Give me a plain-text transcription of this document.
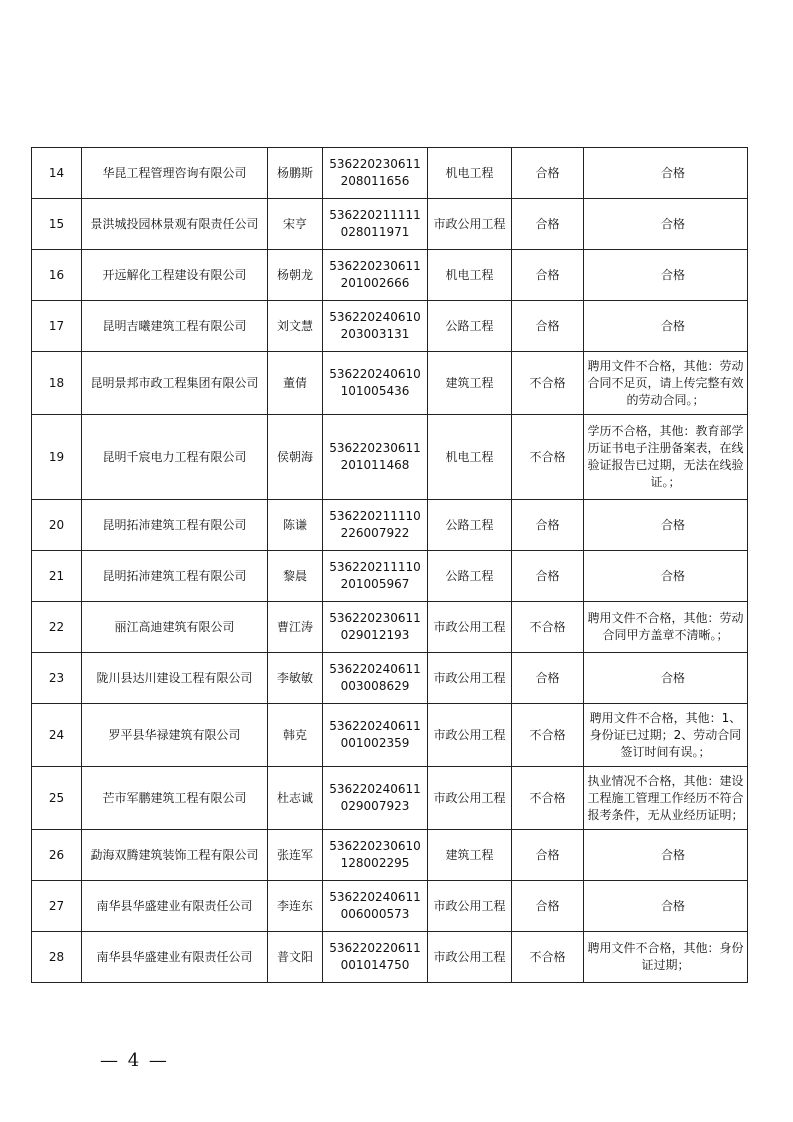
14	华昆工程管理咨询有限公司	杨鹏斯	536220230611208011656	机电工程	合格	合格
15	景洪城投园林景观有限责任公司	宋亨	536220211111028011971	市政公用工程	合格	合格
16	开远解化工程建设有限公司	杨朝龙	536220230611201002666	机电工程	合格	合格
17	昆明吉曦建筑工程有限公司	刘文慧	536220240610203003131	公路工程	合格	合格
18	昆明景邦市政工程集团有限公司	董倩	536220240610101005436	建筑工程	不合格	聘用文件不合格，其他：劳动合同不足页，请上传完整有效的劳动合同。；
19	昆明千宸电力工程有限公司	侯朝海	536220230611201011468	机电工程	不合格	学历不合格，其他：教育部学历证书电子注册备案表，在线验证报告已过期，无法在线验证。；
20	昆明拓沛建筑工程有限公司	陈谦	536220211110226007922	公路工程	合格	合格
21	昆明拓沛建筑工程有限公司	黎晨	536220211110201005967	公路工程	合格	合格
22	丽江高迪建筑有限公司	曹江涛	536220230611029012193	市政公用工程	不合格	聘用文件不合格，其他：劳动合同甲方盖章不清晰。；
23	陇川县达川建设工程有限公司	李敏敏	536220240611003008629	市政公用工程	合格	合格
24	罗平县华禄建筑有限公司	韩克	536220240611001002359	市政公用工程	不合格	聘用文件不合格，其他：1、身份证已过期；2、劳动合同签订时间有误。；
25	芒市军鹏建筑工程有限公司	杜志诚	536220240611029007923	市政公用工程	不合格	执业情况不合格，其他：建设工程施工管理工作经历不符合报考条件，无从业经历证明；
26	勐海双腾建筑装饰工程有限公司	张连军	536220230610128002295	建筑工程	合格	合格
27	南华县华盛建业有限责任公司	李连东	536220240611006000573	市政公用工程	合格	合格
28	南华县华盛建业有限责任公司	普文阳	536220220611001014750	市政公用工程	不合格	聘用文件不合格，其他：身份证过期；
— 4 —
